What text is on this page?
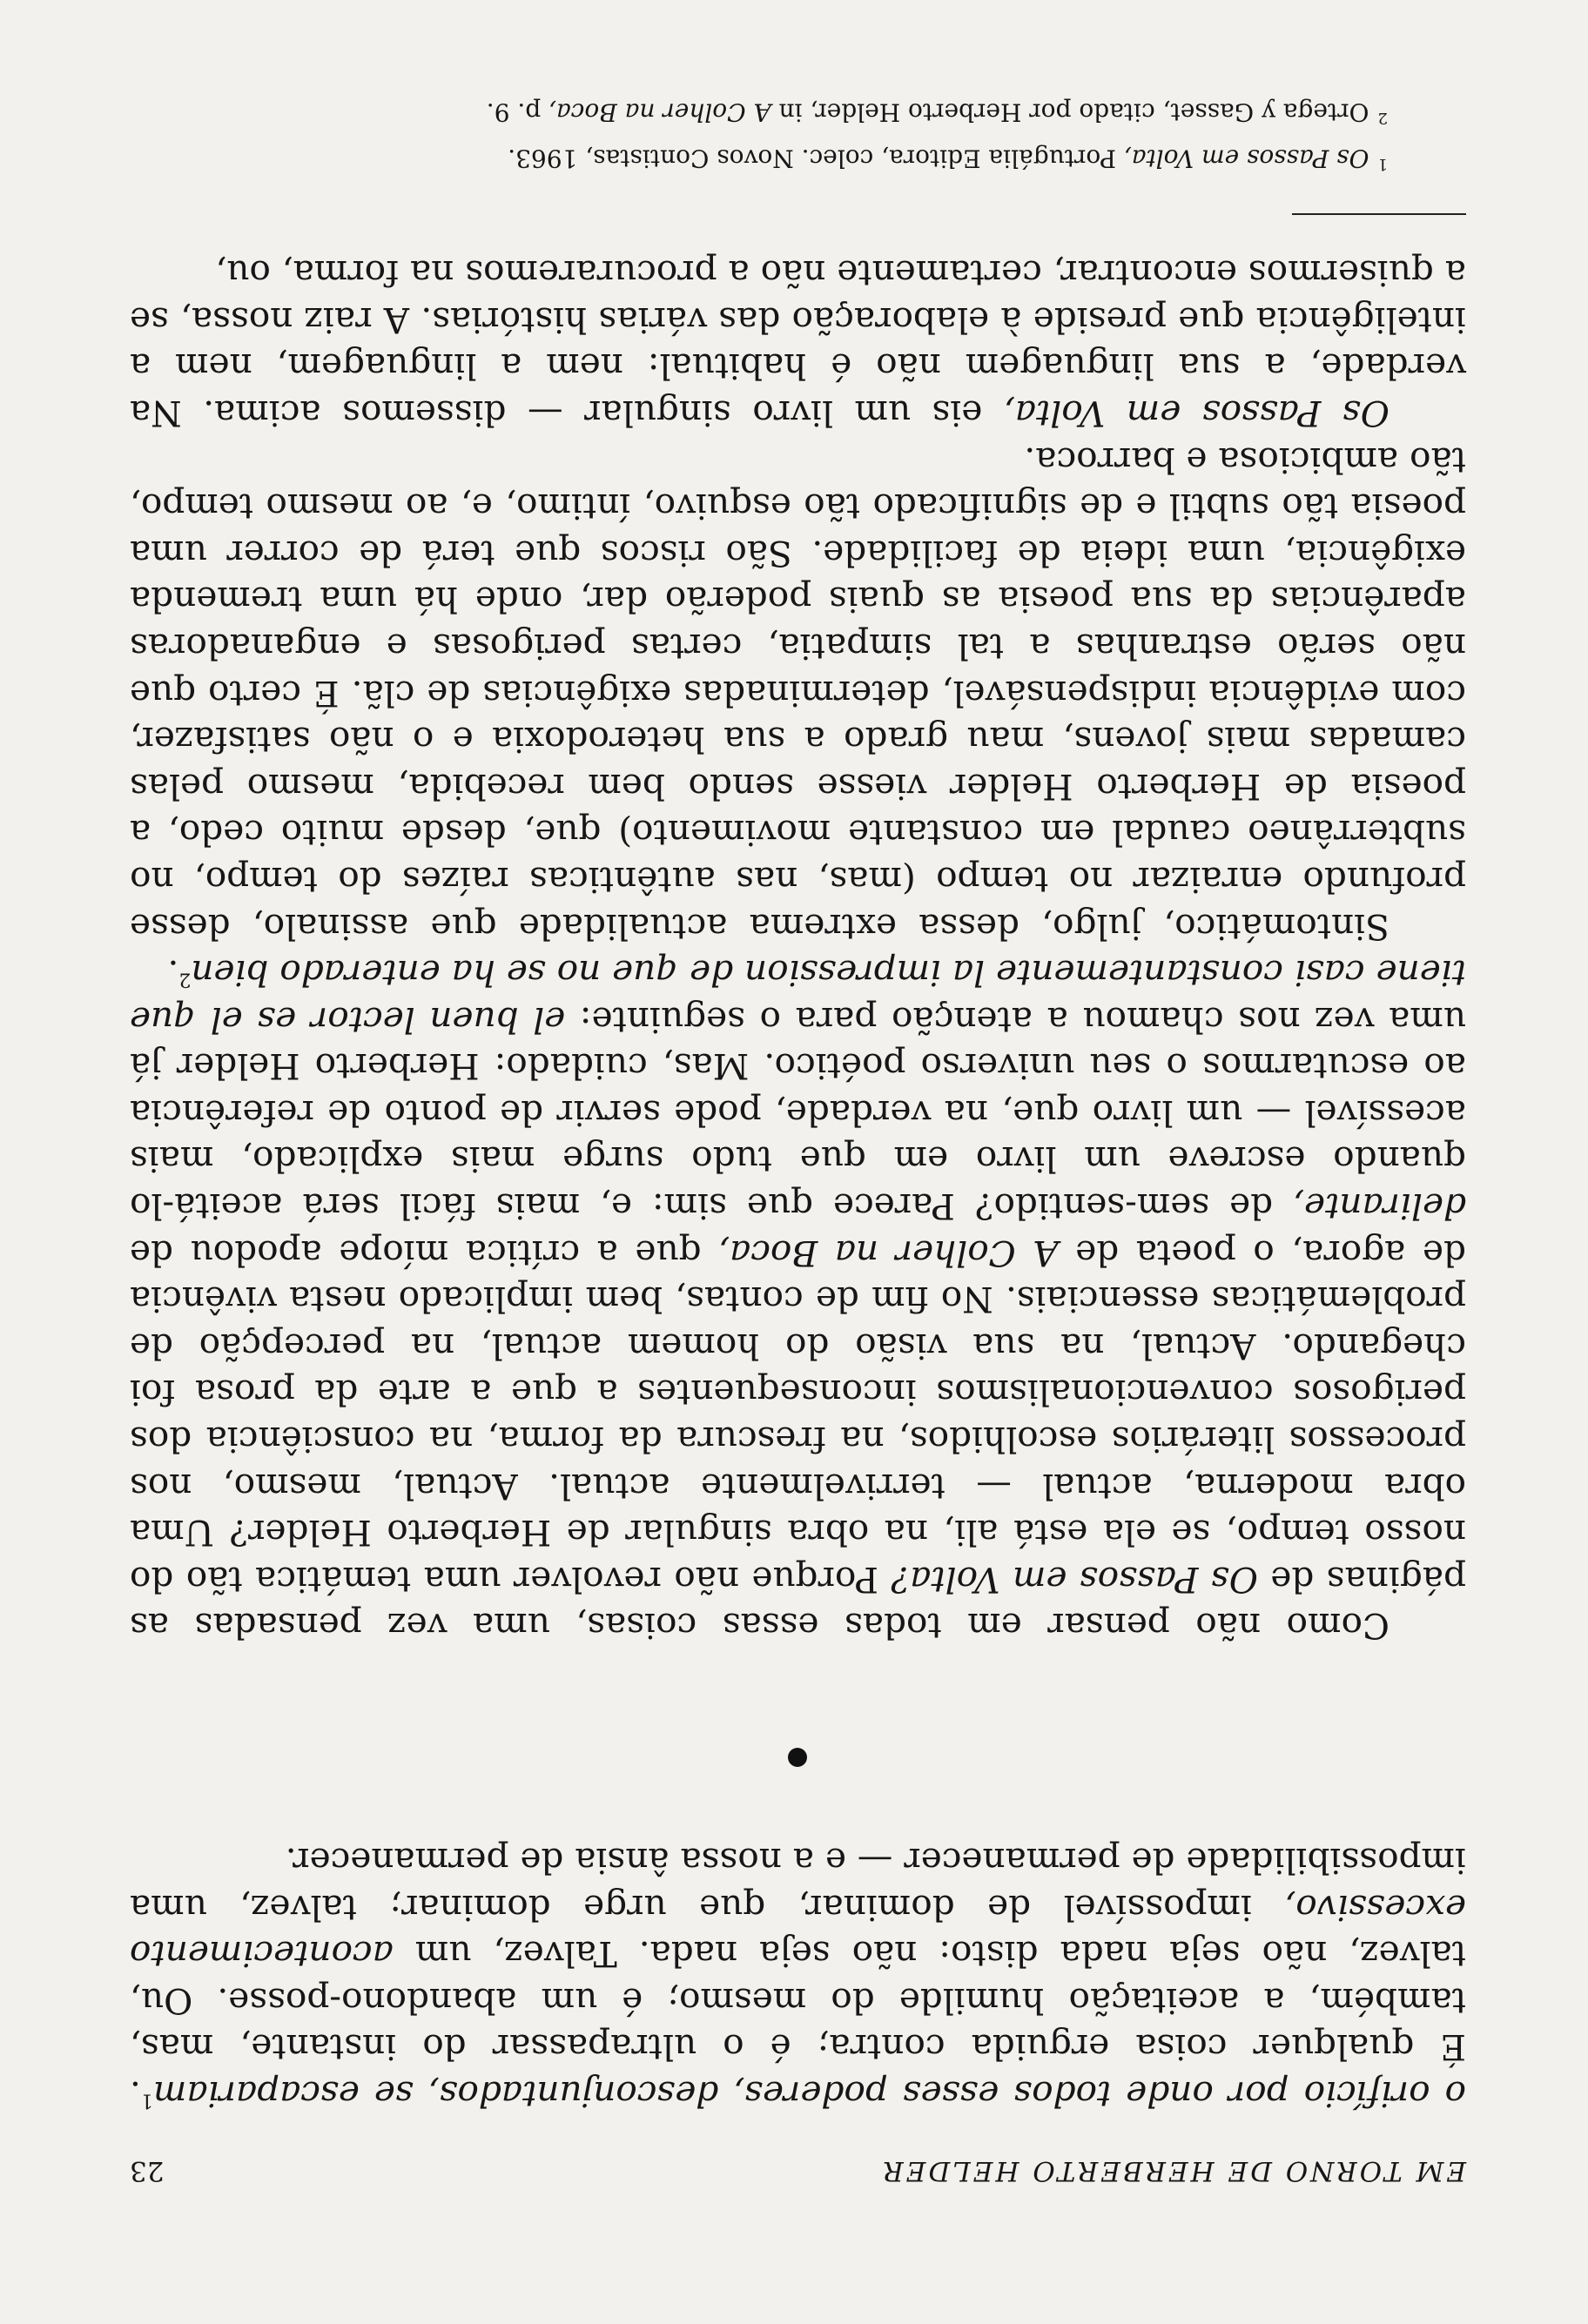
EM TORNO DE HERBERTO HELDER
23

o orifício por onde todos esses poderes, desconjuntados, se escapariam$^1$. É qualquer coisa erguida contra; é o ultrapassar do instante, mas, também, a aceitação humilde do mesmo; é um abandono-posse. Ou, talvez, não seja nada disto: não seja nada. Talvez, um acontecimento excessivo, impossível de dominar, que urge dominar; talvez, uma impossibilidade de permanecer — e a nossa ânsia de permanecer.

Como não pensar em todas essas coisas, uma vez pensadas as páginas de Os Passos em Volta? Porque não revolver uma temática tão do nosso tempo, se ela está ali, na obra singular de Herberto Helder? Uma obra moderna, actual — terrivelmente actual. Actual, mesmo, nos processos literários escolhidos, na frescura da forma, na consciência dos perigosos convencionalismos inconsequentes a que a arte da prosa foi chegando. Actual, na sua visão do homem actual, na percepção de problemáticas essenciais. No fim de contas, bem implicado nesta vivência de agora, o poeta de A Colher na Boca, que a crítica míope apodou de delirante, de sem-sentido? Parece que sim: e, mais fácil será aceitá-lo quando escreve um livro em que tudo surge mais explicado, mais acessível — um livro que, na verdade, pode servir de ponto de referência ao escutarmos o seu universo poético. Mas, cuidado: Herberto Helder já uma vez nos chamou a atenção para o seguinte: el buen lector es el que tiene casi constantemente la impression de que no se ha enterado bien$^2$.

Sintomático, julgo, dessa extrema actualidade que assinalo, desse profundo enraizar no tempo (mas, nas autênticas raízes do tempo, no subterrâneo caudal em constante movimento) que, desde muito cedo, a poesia de Herberto Helder viesse sendo bem recebida, mesmo pelas camadas mais jovens, mau grado a sua heterodoxia e o não satisfazer, com evidência indispensável, determinadas exigências de clã. É certo que não serão estranhas a tal simpatia, certas perigosas e enganadoras aparências da sua poesia as quais poderão dar, onde há uma tremenda exigência, uma ideia de facilidade. São riscos que terá de correr uma poesia tão subtil e de significado tão esquivo, íntimo, e, ao mesmo tempo, tão ambiciosa e barroca.

Os Passos em Volta, eis um livro singular — dissemos acima. Na verdade, a sua linguagem não é habitual: nem a linguagem, nem a inteligência que preside à elaboração das várias histórias. A raiz nossa, se a quisermos encontrar, certamente não a procuraremos na forma, ou,

$^1$Os Passos em Volta, Portugália Editora, colec. Novos Contistas, 1963.

$^2$Ortega y Gasset, citado por Herberto Helder, in A Colher na Boca, p. 9.
